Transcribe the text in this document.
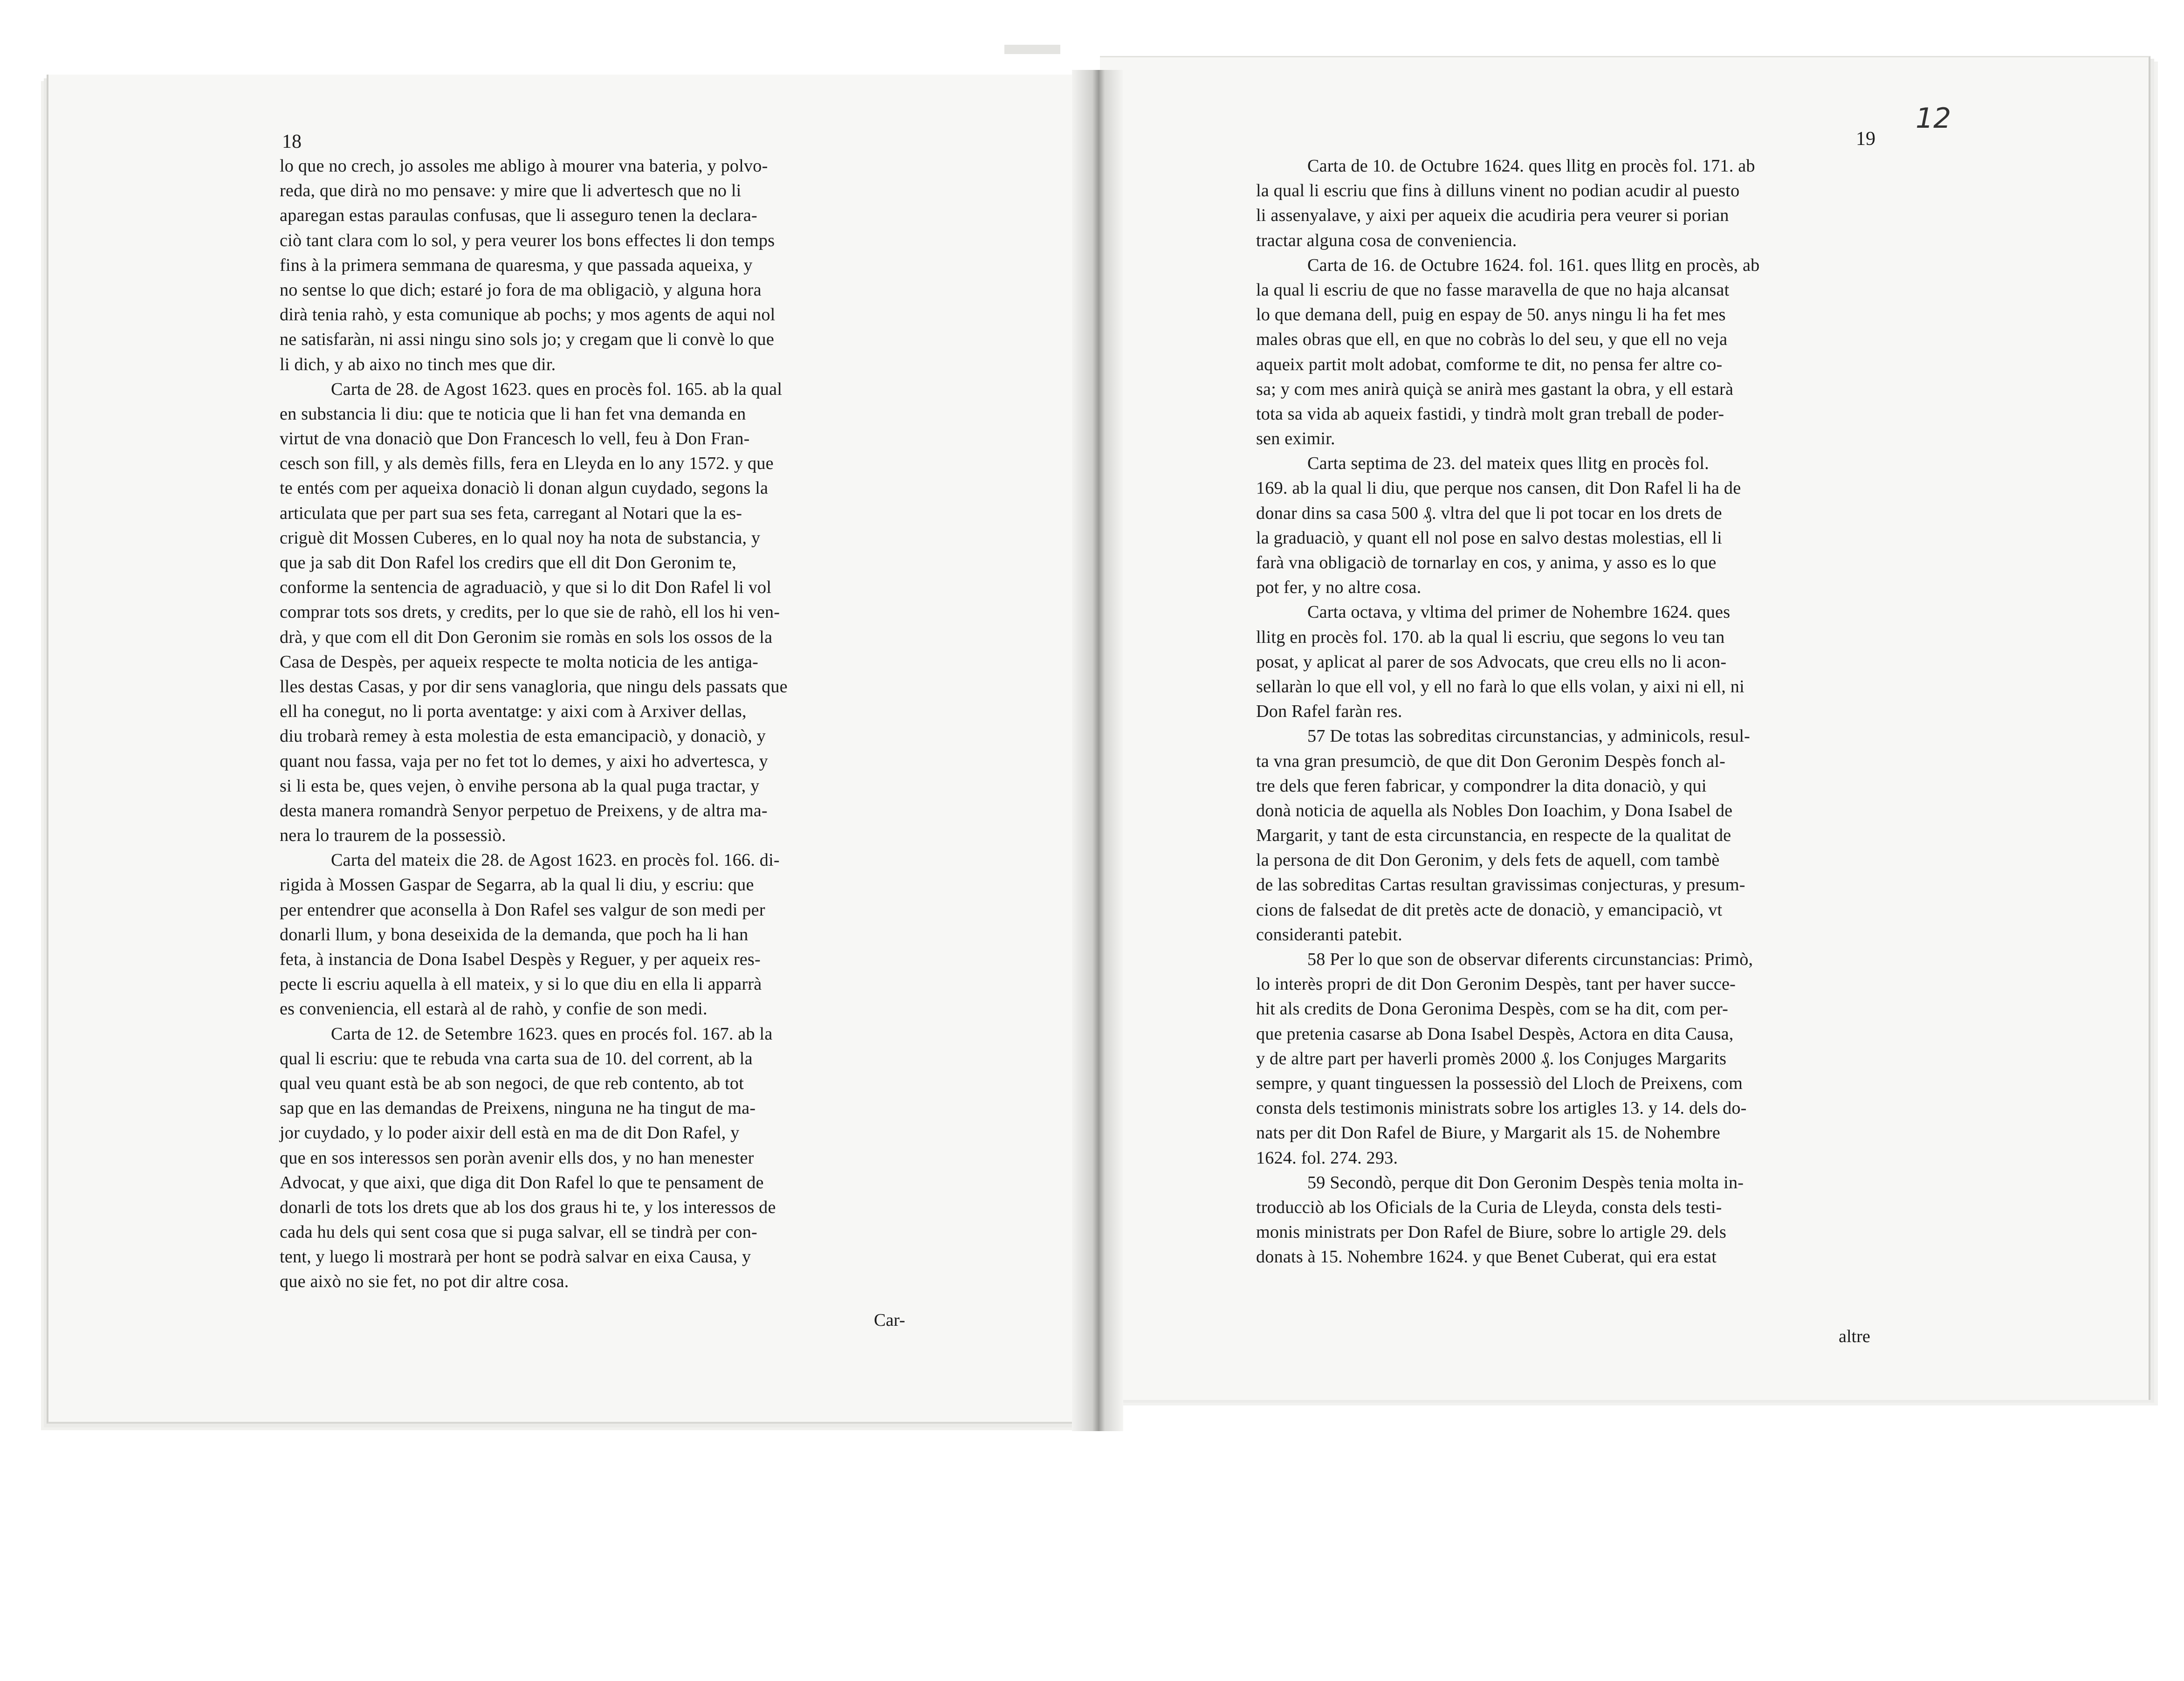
18
lo que no crech, jo assoles me abligo à mourer vna bateria, y polvo-
reda, que dirà no mo pensave: y mire que li advertesch que no li
aparegan estas paraulas confusas, que li asseguro tenen la declara-
ciò tant clara com lo sol, y pera veurer los bons effectes li don temps
fins à la primera semmana de quaresma, y que passada aqueixa, y
no sentse lo que dich; estaré jo fora de ma obligaciò, y alguna hora
dirà tenia rahò, y esta comunique ab pochs; y mos agents de aqui nol
ne satisfaràn, ni assi ningu sino sols jo; y cregam que li convè lo que
li dich, y ab aixo no tinch mes que dir.
Carta de 28. de Agost 1623. ques en procès fol. 165. ab la qual
en substancia li diu: que te noticia que li han fet vna demanda en
virtut de vna donaciò que Don Francesch lo vell, feu à Don Fran-
cesch son fill, y als demès fills, fera en Lleyda en lo any 1572. y que
te entés com per aqueixa donaciò li donan algun cuydado, segons la
articulata que per part sua ses feta, carregant al Notari que la es-
criguè dit Mossen Cuberes, en lo qual noy ha nota de substancia, y
que ja sab dit Don Rafel los credirs que ell dit Don Geronim te,
conforme la sentencia de agraduaciò, y que si lo dit Don Rafel li vol
comprar tots sos drets, y credits, per lo que sie de rahò, ell los hi ven-
drà, y que com ell dit Don Geronim sie romàs en sols los ossos de la
Casa de Despès, per aqueix respecte te molta noticia de les antiga-
lles destas Casas, y por dir sens vanagloria, que ningu dels passats que
ell ha conegut, no li porta aventatge: y aixi com à Arxiver dellas,
diu trobarà remey à esta molestia de esta emancipaciò, y donaciò, y
quant nou fassa, vaja per no fet tot lo demes, y aixi ho advertesca, y
si li esta be, ques vejen, ò envihe persona ab la qual puga tractar, y
desta manera romandrà Senyor perpetuo de Preixens, y de altra ma-
nera lo traurem de la possessiò.
Carta del mateix die 28. de Agost 1623. en procès fol. 166. di-
rigida à Mossen Gaspar de Segarra, ab la qual li diu, y escriu: que
per entendrer que aconsella à Don Rafel ses valgur de son medi per
donarli llum, y bona deseixida de la demanda, que poch ha li han
feta, à instancia de Dona Isabel Despès y Reguer, y per aqueix res-
pecte li escriu aquella à ell mateix, y si lo que diu en ella li apparrà
es conveniencia, ell estarà al de rahò, y confie de son medi.
Carta de 12. de Setembre 1623. ques en procés fol. 167. ab la
qual li escriu: que te rebuda vna carta sua de 10. del corrent, ab la
qual veu quant està be ab son negoci, de que reb contento, ab tot
sap que en las demandas de Preixens, ninguna ne ha tingut de ma-
jor cuydado, y lo poder aixir dell està en ma de dit Don Rafel, y
que en sos interessos sen poràn avenir ells dos, y no han menester
Advocat, y que aixi, que diga dit Don Rafel lo que te pensament de
donarli de tots los drets que ab los dos graus hi te, y los interessos de
cada hu dels qui sent cosa que si puga salvar, ell se tindrà per con-
tent, y luego li mostrarà per hont se podrà salvar en eixa Causa, y
que això no sie fet, no pot dir altre cosa.
Car-
19
12
Carta de 10. de Octubre 1624. ques llitg en procès fol. 171. ab
la qual li escriu que fins à dilluns vinent no podian acudir al puesto
li assenyalave, y aixi per aqueix die acudiria pera veurer si porian
tractar alguna cosa de conveniencia.
Carta de 16. de Octubre 1624. fol. 161. ques llitg en procès, ab
la qual li escriu de que no fasse maravella de que no haja alcansat
lo que demana dell, puig en espay de 50. anys ningu li ha fet mes
males obras que ell, en que no cobràs lo del seu, y que ell no veja
aqueix partit molt adobat, comforme te dit, no pensa fer altre co-
sa; y com mes anirà quiçà se anirà mes gastant la obra, y ell estarà
tota sa vida ab aqueix fastidi, y tindrà molt gran treball de poder-
sen eximir.
Carta septima de 23. del mateix ques llitg en procès fol.
169. ab la qual li diu, que perque nos cansen, dit Don Rafel li ha de
donar dins sa casa 500 ₰. vltra del que li pot tocar en los drets de
la graduaciò, y quant ell nol pose en salvo destas molestias, ell li
farà vna obligaciò de tornarlay en cos, y anima, y asso es lo que
pot fer, y no altre cosa.
Carta octava, y vltima del primer de Nohembre 1624. ques
llitg en procès fol. 170. ab la qual li escriu, que segons lo veu tan
posat, y aplicat al parer de sos Advocats, que creu ells no li acon-
sellaràn lo que ell vol, y ell no farà lo que ells volan, y aixi ni ell, ni
Don Rafel faràn res.
57 De totas las sobreditas circunstancias, y adminicols, resul-
ta vna gran presumciò, de que dit Don Geronim Despès fonch al-
tre dels que feren fabricar, y compondrer la dita donaciò, y qui
donà noticia de aquella als Nobles Don Ioachim, y Dona Isabel de
Margarit, y tant de esta circunstancia, en respecte de la qualitat de
la persona de dit Don Geronim, y dels fets de aquell, com tambè
de las sobreditas Cartas resultan gravissimas conjecturas, y presum-
cions de falsedat de dit pretès acte de donaciò, y emancipaciò, vt
consideranti patebit.
58 Per lo que son de observar diferents circunstancias: Primò,
lo interès propri de dit Don Geronim Despès, tant per haver succe-
hit als credits de Dona Geronima Despès, com se ha dit, com per-
que pretenia casarse ab Dona Isabel Despès, Actora en dita Causa,
y de altre part per haverli promès 2000 ₰. los Conjuges Margarits
sempre, y quant tinguessen la possessiò del Lloch de Preixens, com
consta dels testimonis ministrats sobre los artigles 13. y 14. dels do-
nats per dit Don Rafel de Biure, y Margarit als 15. de Nohembre
1624. fol. 274. 293.
59 Secondò, perque dit Don Geronim Despès tenia molta in-
troducciò ab los Oficials de la Curia de Lleyda, consta dels testi-
monis ministrats per Don Rafel de Biure, sobre lo artigle 29. dels
donats à 15. Nohembre 1624. y que Benet Cuberat, qui era estat
altre
